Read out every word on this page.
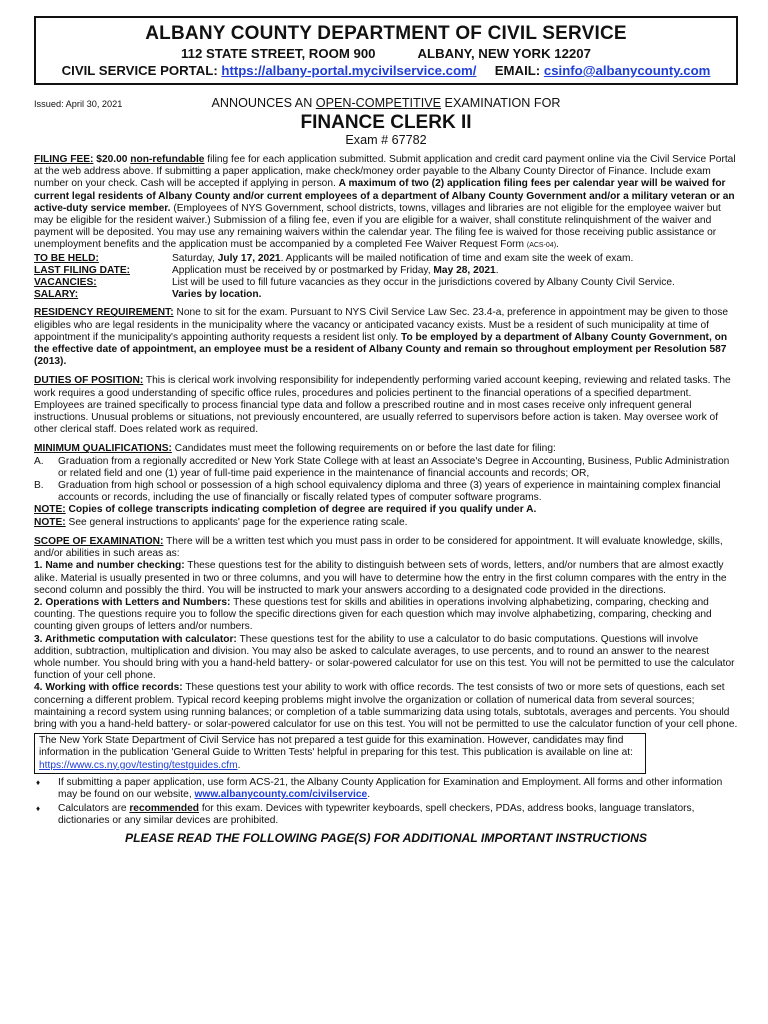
ALBANY COUNTY DEPARTMENT OF CIVIL SERVICE
112 STATE STREET, ROOM 900	ALBANY, NEW YORK 12207
CIVIL SERVICE PORTAL: https://albany-portal.mycivilservice.com/ EMAIL: csinfo@albanycounty.com
Issued: April 30, 2021	ANNOUNCES AN OPEN-COMPETITIVE EXAMINATION FOR
FINANCE CLERK II
Exam # 67782

FILING FEE: $20.00 non-refundable filing fee for each application submitted. Submit application and credit card payment online via the Civil Service Portal at the web address above. If submitting a paper application, make check/money order payable to the Albany County Director of Finance. Include exam number on your check. Cash will be accepted if applying in person. A maximum of two (2) application filing fees per calendar year will be waived for current legal residents of Albany County and/or current employees of a department of Albany County Government and/or a military veteran or an active-duty service member. (Employees of NYS Government, school districts, towns, villages and libraries are not eligible for the employee waiver but may be eligible for the resident waiver.) Submission of a filing fee, even if you are eligible for a waiver, shall constitute relinquishment of the waiver and payment will be deposited. You may use any remaining waivers within the calendar year. The filing fee is waived for those receiving public assistance or unemployment benefits and the application must be accompanied by a completed Fee Waiver Request Form (ACS-04).

TO BE HELD:	Saturday, July 17, 2021. Applicants will be mailed notification of time and exam site the week of exam.
LAST FILING DATE:	Application must be received by or postmarked by Friday, May 28, 2021.
VACANCIES:	List will be used to fill future vacancies as they occur in the jurisdictions covered by Albany County Civil Service.
SALARY:	Varies by location.

RESIDENCY REQUIREMENT: None to sit for the exam. Pursuant to NYS Civil Service Law Sec. 23.4-a, preference in appointment may be given to those eligibles who are legal residents in the municipality where the vacancy or anticipated vacancy exists. Must be a resident of such municipality at time of appointment if the municipality's appointing authority requests a resident list only. To be employed by a department of Albany County Government, on the effective date of appointment, an employee must be a resident of Albany County and remain so throughout employment per Resolution 587 (2013).

DUTIES OF POSITION: This is clerical work involving responsibility for independently performing varied account keeping, reviewing and related tasks. The work requires a good understanding of specific office rules, procedures and policies pertinent to the financial operations of a specified department. Employees are trained specifically to process financial type data and follow a prescribed routine and in most cases receive only infrequent general instructions. Unusual problems or situations, not previously encountered, are usually referred to supervisors before action is taken. May oversee work of other clerical staff. Does related work as required.

MINIMUM QUALIFICATIONS: Candidates must meet the following requirements on or before the last date for filing:

A.	Graduation from a regionally accredited or New York State College with at least an Associate's Degree in Accounting, Business, Public Administration or related field and one (1) year of full-time paid experience in the maintenance of financial accounts and records; OR,
B.	Graduation from high school or possession of a high school equivalency diploma and three (3) years of experience in maintaining complex financial accounts or records, including the use of financially or fiscally related types of computer software programs.

NOTE: Copies of college transcripts indicating completion of degree are required if you qualify under A.

NOTE: See general instructions to applicants' page for the experience rating scale.

SCOPE OF EXAMINATION: There will be a written test which you must pass in order to be considered for appointment. It will evaluate knowledge, skills, and/or abilities in such areas as:

1. Name and number checking: These questions test for the ability to distinguish between sets of words, letters, and/or numbers that are almost exactly alike. Material is usually presented in two or three columns, and you will have to determine how the entry in the first column compares with the entry in the second column and possibly the third. You will be instructed to mark your answers according to a designated code provided in the directions.

2. Operations with Letters and Numbers: These questions test for skills and abilities in operations involving alphabetizing, comparing, checking and counting. The questions require you to follow the specific directions given for each question which may involve alphabetizing, comparing, checking and counting given groups of letters and/or numbers.

3. Arithmetic computation with calculator: These questions test for the ability to use a calculator to do basic computations. Questions will involve addition, subtraction, multiplication and division. You may also be asked to calculate averages, to use percents, and to round an answer to the nearest whole number. You should bring with you a hand-held battery- or solar-powered calculator for use on this test. You will not be permitted to use the calculator function of your cell phone.

4. Working with office records: These questions test your ability to work with office records. The test consists of two or more sets of questions, each set concerning a different problem. Typical record keeping problems might involve the organization or collation of numerical data from several sources; maintaining a record system using running balances; or completion of a table summarizing data using totals, subtotals, averages and percents. You should bring with you a hand-held battery- or solar-powered calculator for use on this test. You will not be permitted to use the calculator function of your cell phone.

The New York State Department of Civil Service has not prepared a test guide for this examination. However, candidates may find information in the publication 'General Guide to Written Tests' helpful in preparing for this test. This publication is available on line at: https://www.cs.ny.gov/testing/testguides.cfm.
♦	If submitting a paper application, use form ACS-21, the Albany County Application for Examination and Employment. All forms and other information may be found on our website, www.albanycounty.com/civilservice.
♦	Calculators are recommended for this exam. Devices with typewriter keyboards, spell checkers, PDAs, address books, language translators, dictionaries or any similar devices are prohibited.
PLEASE READ THE FOLLOWING PAGE(S) FOR ADDITIONAL IMPORTANT INSTRUCTIONS
